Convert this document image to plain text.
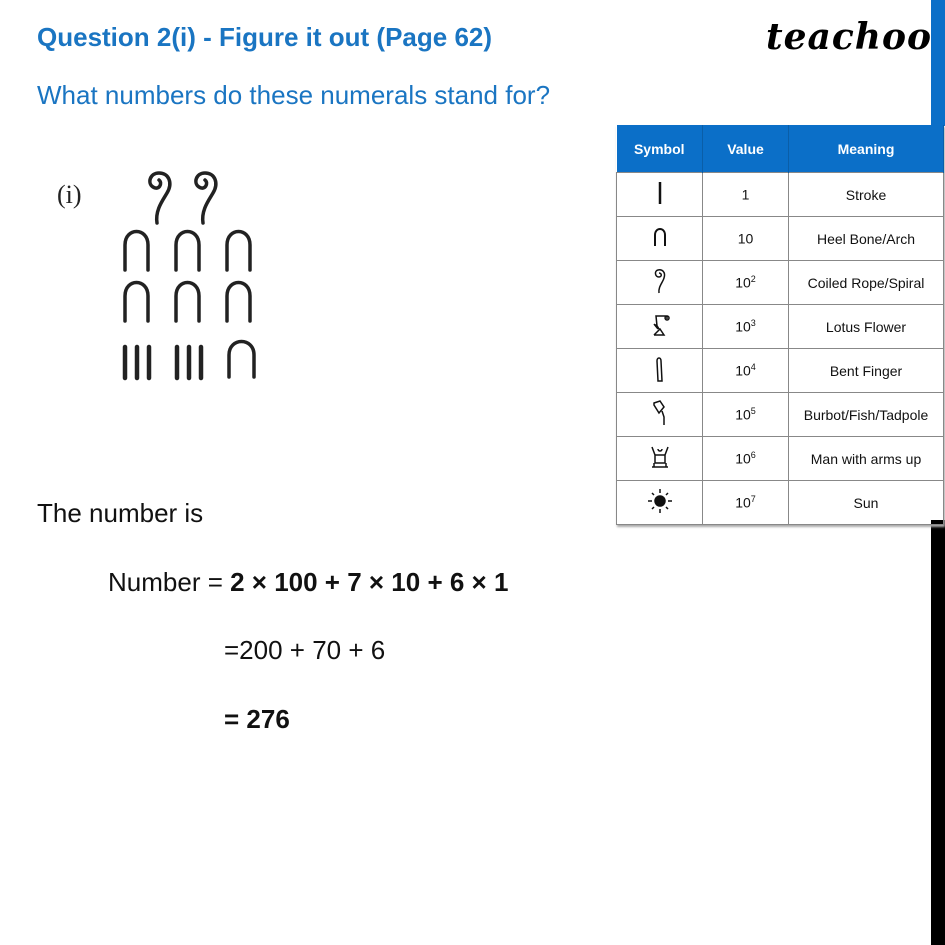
Question 2(i) - Figure it out (Page 62)
What numbers do these numerals stand for?
teachoo
(i)
Symbol	Value	Meaning
	1	Stroke
	10	Heel Bone/Arch
	$10^2$	Coiled Rope/Spiral
	$10^3$	Lotus Flower
	$10^4$	Bent Finger
	$10^5$	Burbot/Fish/Tadpole
	$10^6$	Man with arms up
	$10^7$	Sun
The number is
Number = 2 × 100 + 7 × 10 + 6 × 1
=200 + 70 + 6
= 276
